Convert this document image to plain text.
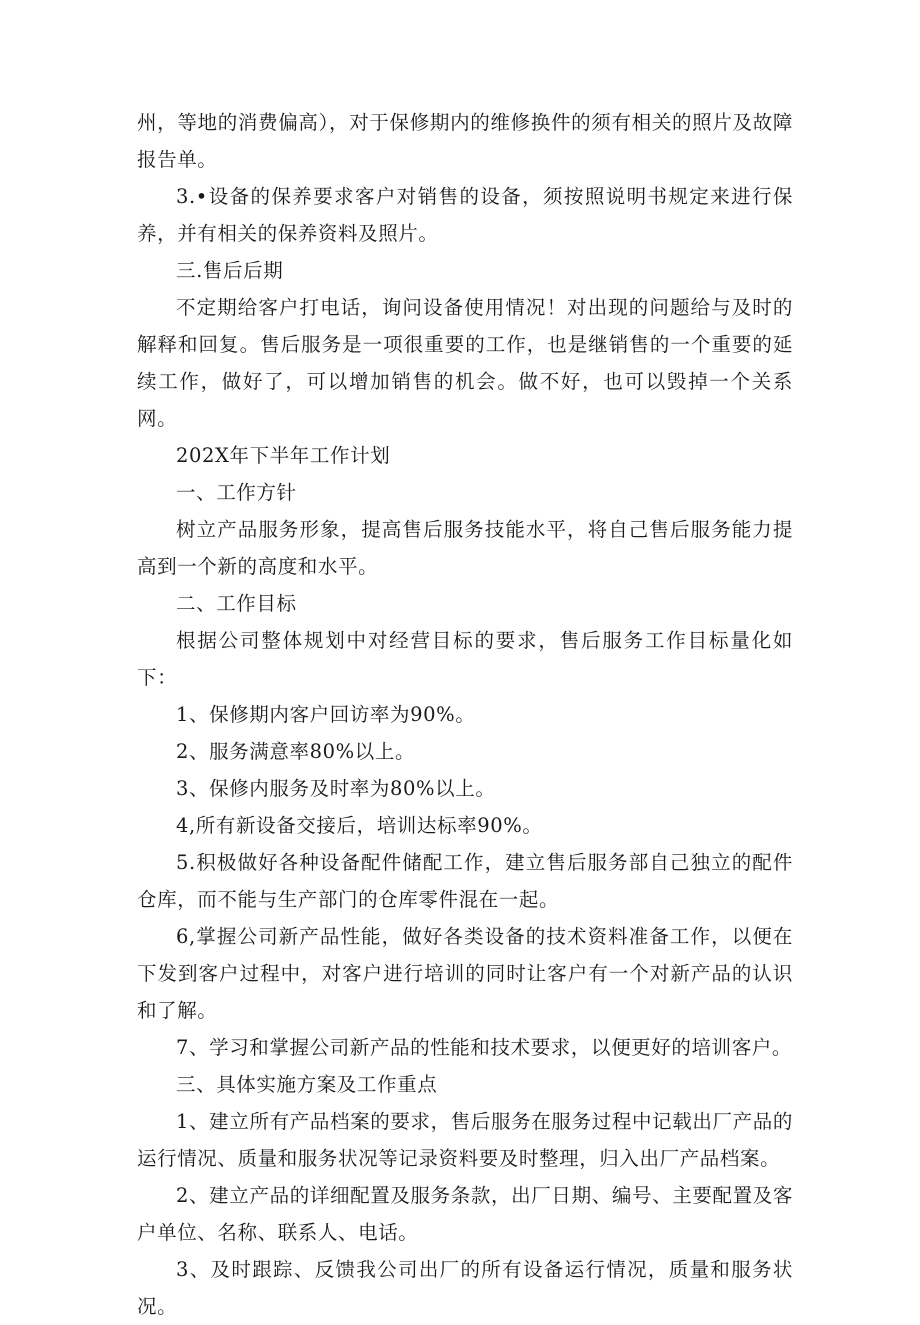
州，等地的消费偏高），对于保修期内的维修换件的须有相关的照片及故障报告单。

3.•设备的保养要求客户对销售的设备，须按照说明书规定来进行保养，并有相关的保养资料及照片。

三.售后后期

不定期给客户打电话，询问设备使用情况！对出现的问题给与及时的解释和回复。售后服务是一项很重要的工作，也是继销售的一个重要的延续工作，做好了，可以增加销售的机会。做不好，也可以毁掉一个关系网。

202X年下半年工作计划

一、工作方针

树立产品服务形象，提高售后服务技能水平，将自己售后服务能力提高到一个新的高度和水平。

二、工作目标

根据公司整体规划中对经营目标的要求，售后服务工作目标量化如下：

1、保修期内客户回访率为90%。

2、服务满意率80%以上。

3、保修内服务及时率为80%以上。

4,所有新设备交接后，培训达标率90%。

5.积极做好各种设备配件储配工作，建立售后服务部自己独立的配件仓库，而不能与生产部门的仓库零件混在一起。

6,掌握公司新产品性能，做好各类设备的技术资料准备工作，以便在下发到客户过程中，对客户进行培训的同时让客户有一个对新产品的认识和了解。

7、学习和掌握公司新产品的性能和技术要求，以便更好的培训客户。

三、具体实施方案及工作重点

1、建立所有产品档案的要求，售后服务在服务过程中记载出厂产品的运行情况、质量和服务状况等记录资料要及时整理，归入出厂产品档案。

2、建立产品的详细配置及服务条款，出厂日期、编号、主要配置及客户单位、名称、联系人、电话。

3、及时跟踪、反馈我公司出厂的所有设备运行情况，质量和服务状况。
